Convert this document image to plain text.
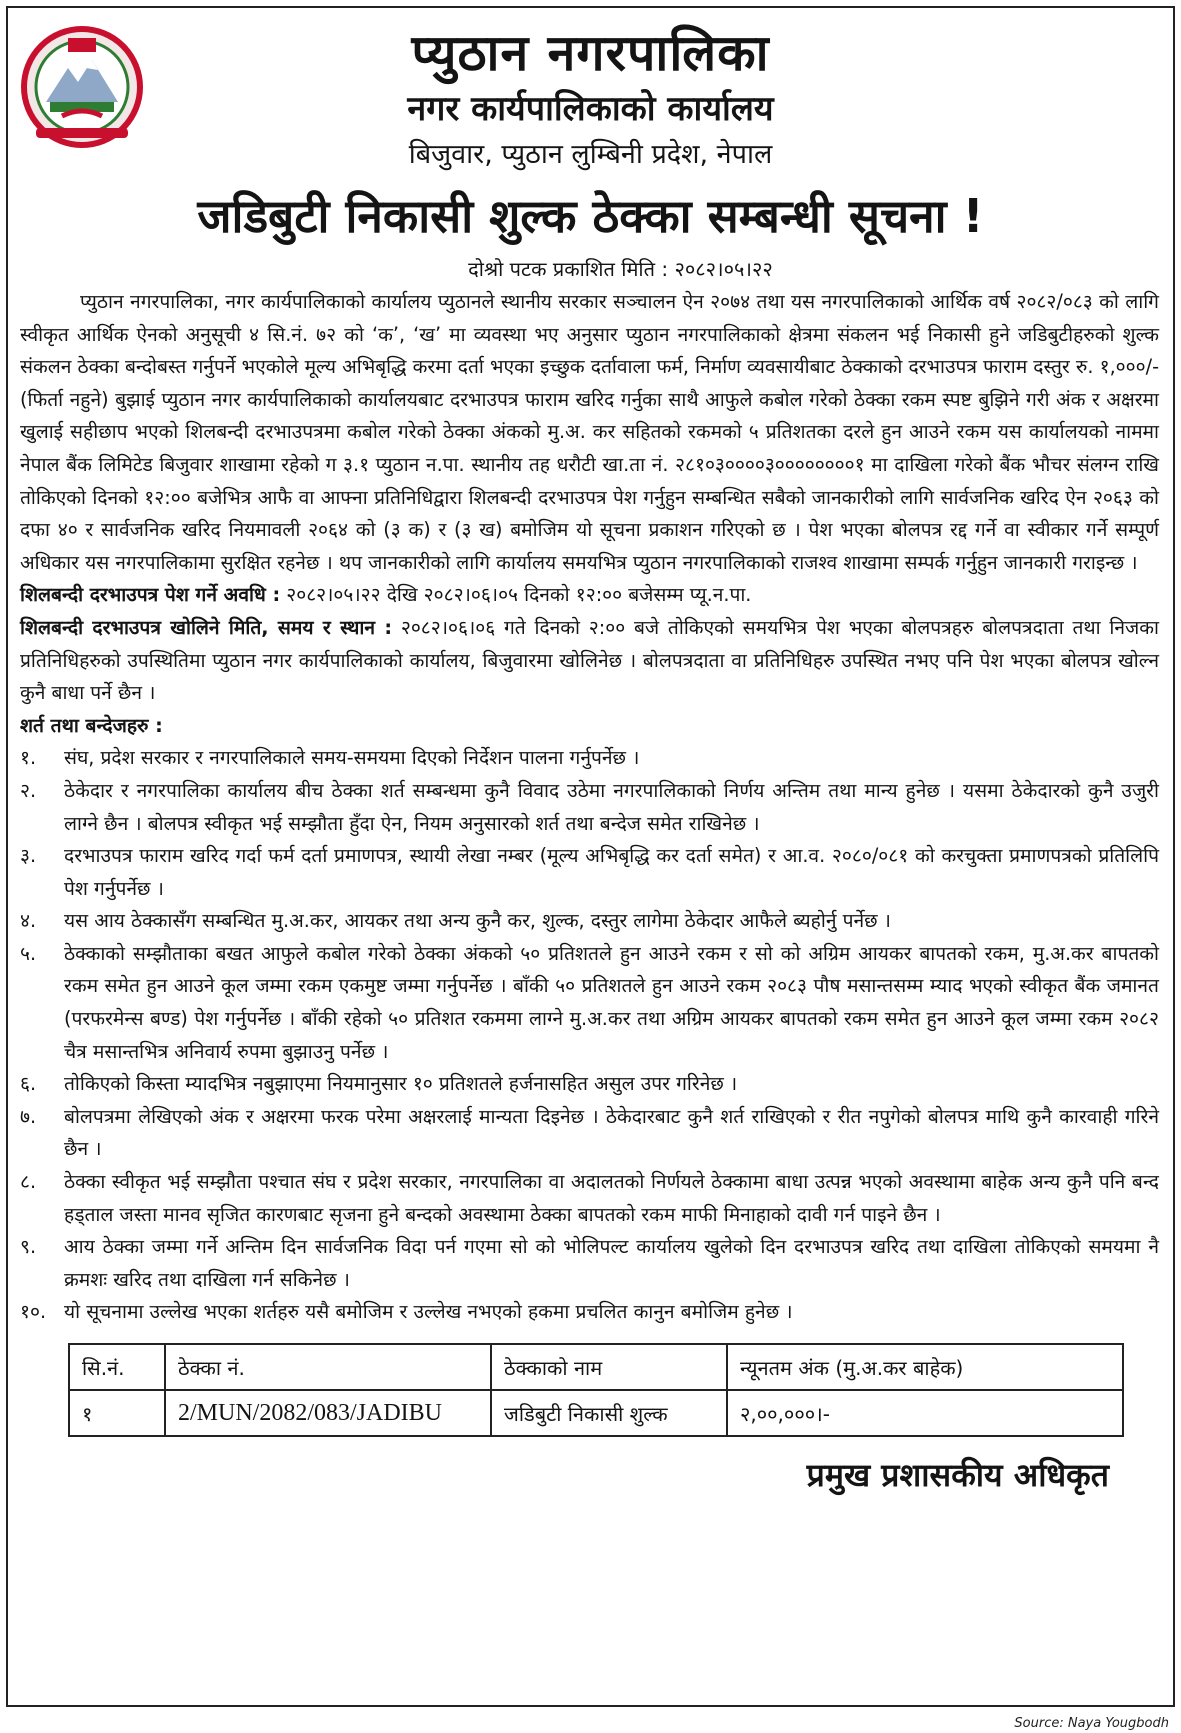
प्युठान नगरपालिका
नगर कार्यपालिकाको कार्यालय
बिजुवार, प्युठान लुम्बिनी प्रदेश, नेपाल
जडिबुटी निकासी शुल्क ठेक्का सम्बन्धी सूचना !
दोश्रो पटक प्रकाशित मिति : २०८२।०५।२२

प्युठान नगरपालिका, नगर कार्यपालिकाको कार्यालय प्युठानले स्थानीय सरकार सञ्चालन ऐन २०७४ तथा यस नगरपालिकाको आर्थिक वर्ष २०८२/०८३ को लागि स्वीकृत आर्थिक ऐनको अनुसूची ४ सि.नं. ७२ को ‘क’, ‘ख’ मा व्यवस्था भए अनुसार प्युठान नगरपालिकाको क्षेत्रमा संकलन भई निकासी हुने जडिबुटीहरुको शुल्क संकलन ठेक्का बन्दोबस्त गर्नुपर्ने भएकोले मूल्य अभिबृद्धि करमा दर्ता भएका इच्छुक दर्तावाला फर्म, निर्माण व्यवसायीबाट ठेक्काको दरभाउपत्र फाराम दस्तुर रु. १,०००/- (फिर्ता नहुने) बुझाई प्युठान नगर कार्यपालिकाको कार्यालयबाट दरभाउपत्र फाराम खरिद गर्नुका साथै आफुले कबोल गरेको ठेक्का रकम स्पष्ट बुझिने गरी अंक र अक्षरमा खुलाई सहीछाप भएको शिलबन्दी दरभाउपत्रमा कबोल गरेको ठेक्का अंकको मु.अ. कर सहितको रकमको ५ प्रतिशतका दरले हुन आउने रकम यस कार्यालयको नाममा नेपाल बैंक लिमिटेड बिजुवार शाखामा रहेको ग ३.१ प्युठान न.पा. स्थानीय तह धरौटी खा.ता नं. २८१०३००००३००००००००१ मा दाखिला गरेको बैंक भौचर संलग्न राखि तोकिएको दिनको १२:०० बजेभित्र आफै वा आफ्ना प्रतिनिधिद्वारा शिलबन्दी दरभाउपत्र पेश गर्नुहुन सम्बन्धित सबैको जानकारीको लागि सार्वजनिक खरिद ऐन २०६३ को दफा ४० र सार्वजनिक खरिद नियमावली २०६४ को (३ क) र (३ ख) बमोजिम यो सूचना प्रकाशन गरिएको छ । पेश भएका बोलपत्र रद्द गर्ने वा स्वीकार गर्ने सम्पूर्ण अधिकार यस नगरपालिकामा सुरक्षित रहनेछ । थप जानकारीको लागि कार्यालय समयभित्र प्युठान नगरपालिकाको राजश्व शाखामा सम्पर्क गर्नुहुन जानकारी गराइन्छ ।

शिलबन्दी दरभाउपत्र पेश गर्ने अवधि : २०८२।०५।२२ देखि २०८२।०६।०५ दिनको १२:०० बजेसम्म प्यू.न.पा.

शिलबन्दी दरभाउपत्र खोलिने मिति, समय र स्थान : २०८२।०६।०६ गते दिनको २:०० बजे तोकिएको समयभित्र पेश भएका बोलपत्रहरु बोलपत्रदाता तथा निजका प्रतिनिधिहरुको उपस्थितिमा प्युठान नगर कार्यपालिकाको कार्यालय, बिजुवारमा खोलिनेछ । बोलपत्रदाता वा प्रतिनिधिहरु उपस्थित नभए पनि पेश भएका बोलपत्र खोल्न कुनै बाधा पर्ने छैन ।

शर्त तथा बन्देजहरु :

१.	संघ, प्रदेश सरकार र नगरपालिकाले समय-समयमा दिएको निर्देशन पालना गर्नुपर्नेछ ।
२.	ठेकेदार र नगरपालिका कार्यालय बीच ठेक्का शर्त सम्बन्धमा कुनै विवाद उठेमा नगरपालिकाको निर्णय अन्तिम तथा मान्य हुनेछ । यसमा ठेकेदारको कुनै उजुरी लाग्ने छैन । बोलपत्र स्वीकृत भई सम्झौता हुँदा ऐन, नियम अनुसारको शर्त तथा बन्देज समेत राखिनेछ ।
३.	दरभाउपत्र फाराम खरिद गर्दा फर्म दर्ता प्रमाणपत्र, स्थायी लेखा नम्बर (मूल्य अभिबृद्धि कर दर्ता समेत) र आ.व. २०८०/०८१ को करचुक्ता प्रमाणपत्रको प्रतिलिपि पेश गर्नुपर्नेछ ।
४.	यस आय ठेक्कासँग सम्बन्धित मु.अ.कर, आयकर तथा अन्य कुनै कर, शुल्क, दस्तुर लागेमा ठेकेदार आफैले ब्यहोर्नु पर्नेछ ।
५.	ठेक्काको सम्झौताका बखत आफुले कबोल गरेको ठेक्का अंकको ५० प्रतिशतले हुन आउने रकम र सो को अग्रिम आयकर बापतको रकम, मु.अ.कर बापतको रकम समेत हुन आउने कूल जम्मा रकम एकमुष्ट जम्मा गर्नुपर्नेछ । बाँकी ५० प्रतिशतले हुन आउने रकम २०८३ पौष मसान्तसम्म म्याद भएको स्वीकृत बैंक जमानत (परफरमेन्स बण्ड) पेश गर्नुपर्नेछ । बाँकी रहेको ५० प्रतिशत रकममा लाग्ने मु.अ.कर तथा अग्रिम आयकर बापतको रकम समेत हुन आउने कूल जम्मा रकम २०८२ चैत्र मसान्तभित्र अनिवार्य रुपमा बुझाउनु पर्नेछ ।
६.	तोकिएको किस्ता म्यादभित्र नबुझाएमा नियमानुसार १० प्रतिशतले हर्जनासहित असुल उपर गरिनेछ ।
७.	बोलपत्रमा लेखिएको अंक र अक्षरमा फरक परेमा अक्षरलाई मान्यता दिइनेछ । ठेकेदारबाट कुनै शर्त राखिएको र रीत नपुगेको बोलपत्र माथि कुनै कारवाही गरिने छैन ।
८.	ठेक्का स्वीकृत भई सम्झौता पश्चात संघ र प्रदेश सरकार, नगरपालिका वा अदालतको निर्णयले ठेक्कामा बाधा उत्पन्न भएको अवस्थामा बाहेक अन्य कुनै पनि बन्द हड्ताल जस्ता मानव सृजित कारणबाट सृजना हुने बन्दको अवस्थामा ठेक्का बापतको रकम माफी मिनाहाको दावी गर्न पाइने छैन ।
९.	आय ठेक्का जम्मा गर्ने अन्तिम दिन सार्वजनिक विदा पर्न गएमा सो को भोलिपल्ट कार्यालय खुलेको दिन दरभाउपत्र खरिद तथा दाखिला तोकिएको समयमा नै क्रमशः खरिद तथा दाखिला गर्न सकिनेछ ।
१०. यो सूचनामा उल्लेख भएका शर्तहरु यसै बमोजिम र उल्लेख नभएको हकमा प्रचलित कानुन बमोजिम हुनेछ ।
सि.नं.	ठेक्का नं.	ठेक्काको नाम	न्यूनतम अंक (मु.अ.कर बाहेक)
१	2/MUN/2082/083/JADIBU	जडिबुटी निकासी शुल्क	२,००,०००।-
प्रमुख प्रशासकीय अधिकृत
Source: Naya Yougbodh
